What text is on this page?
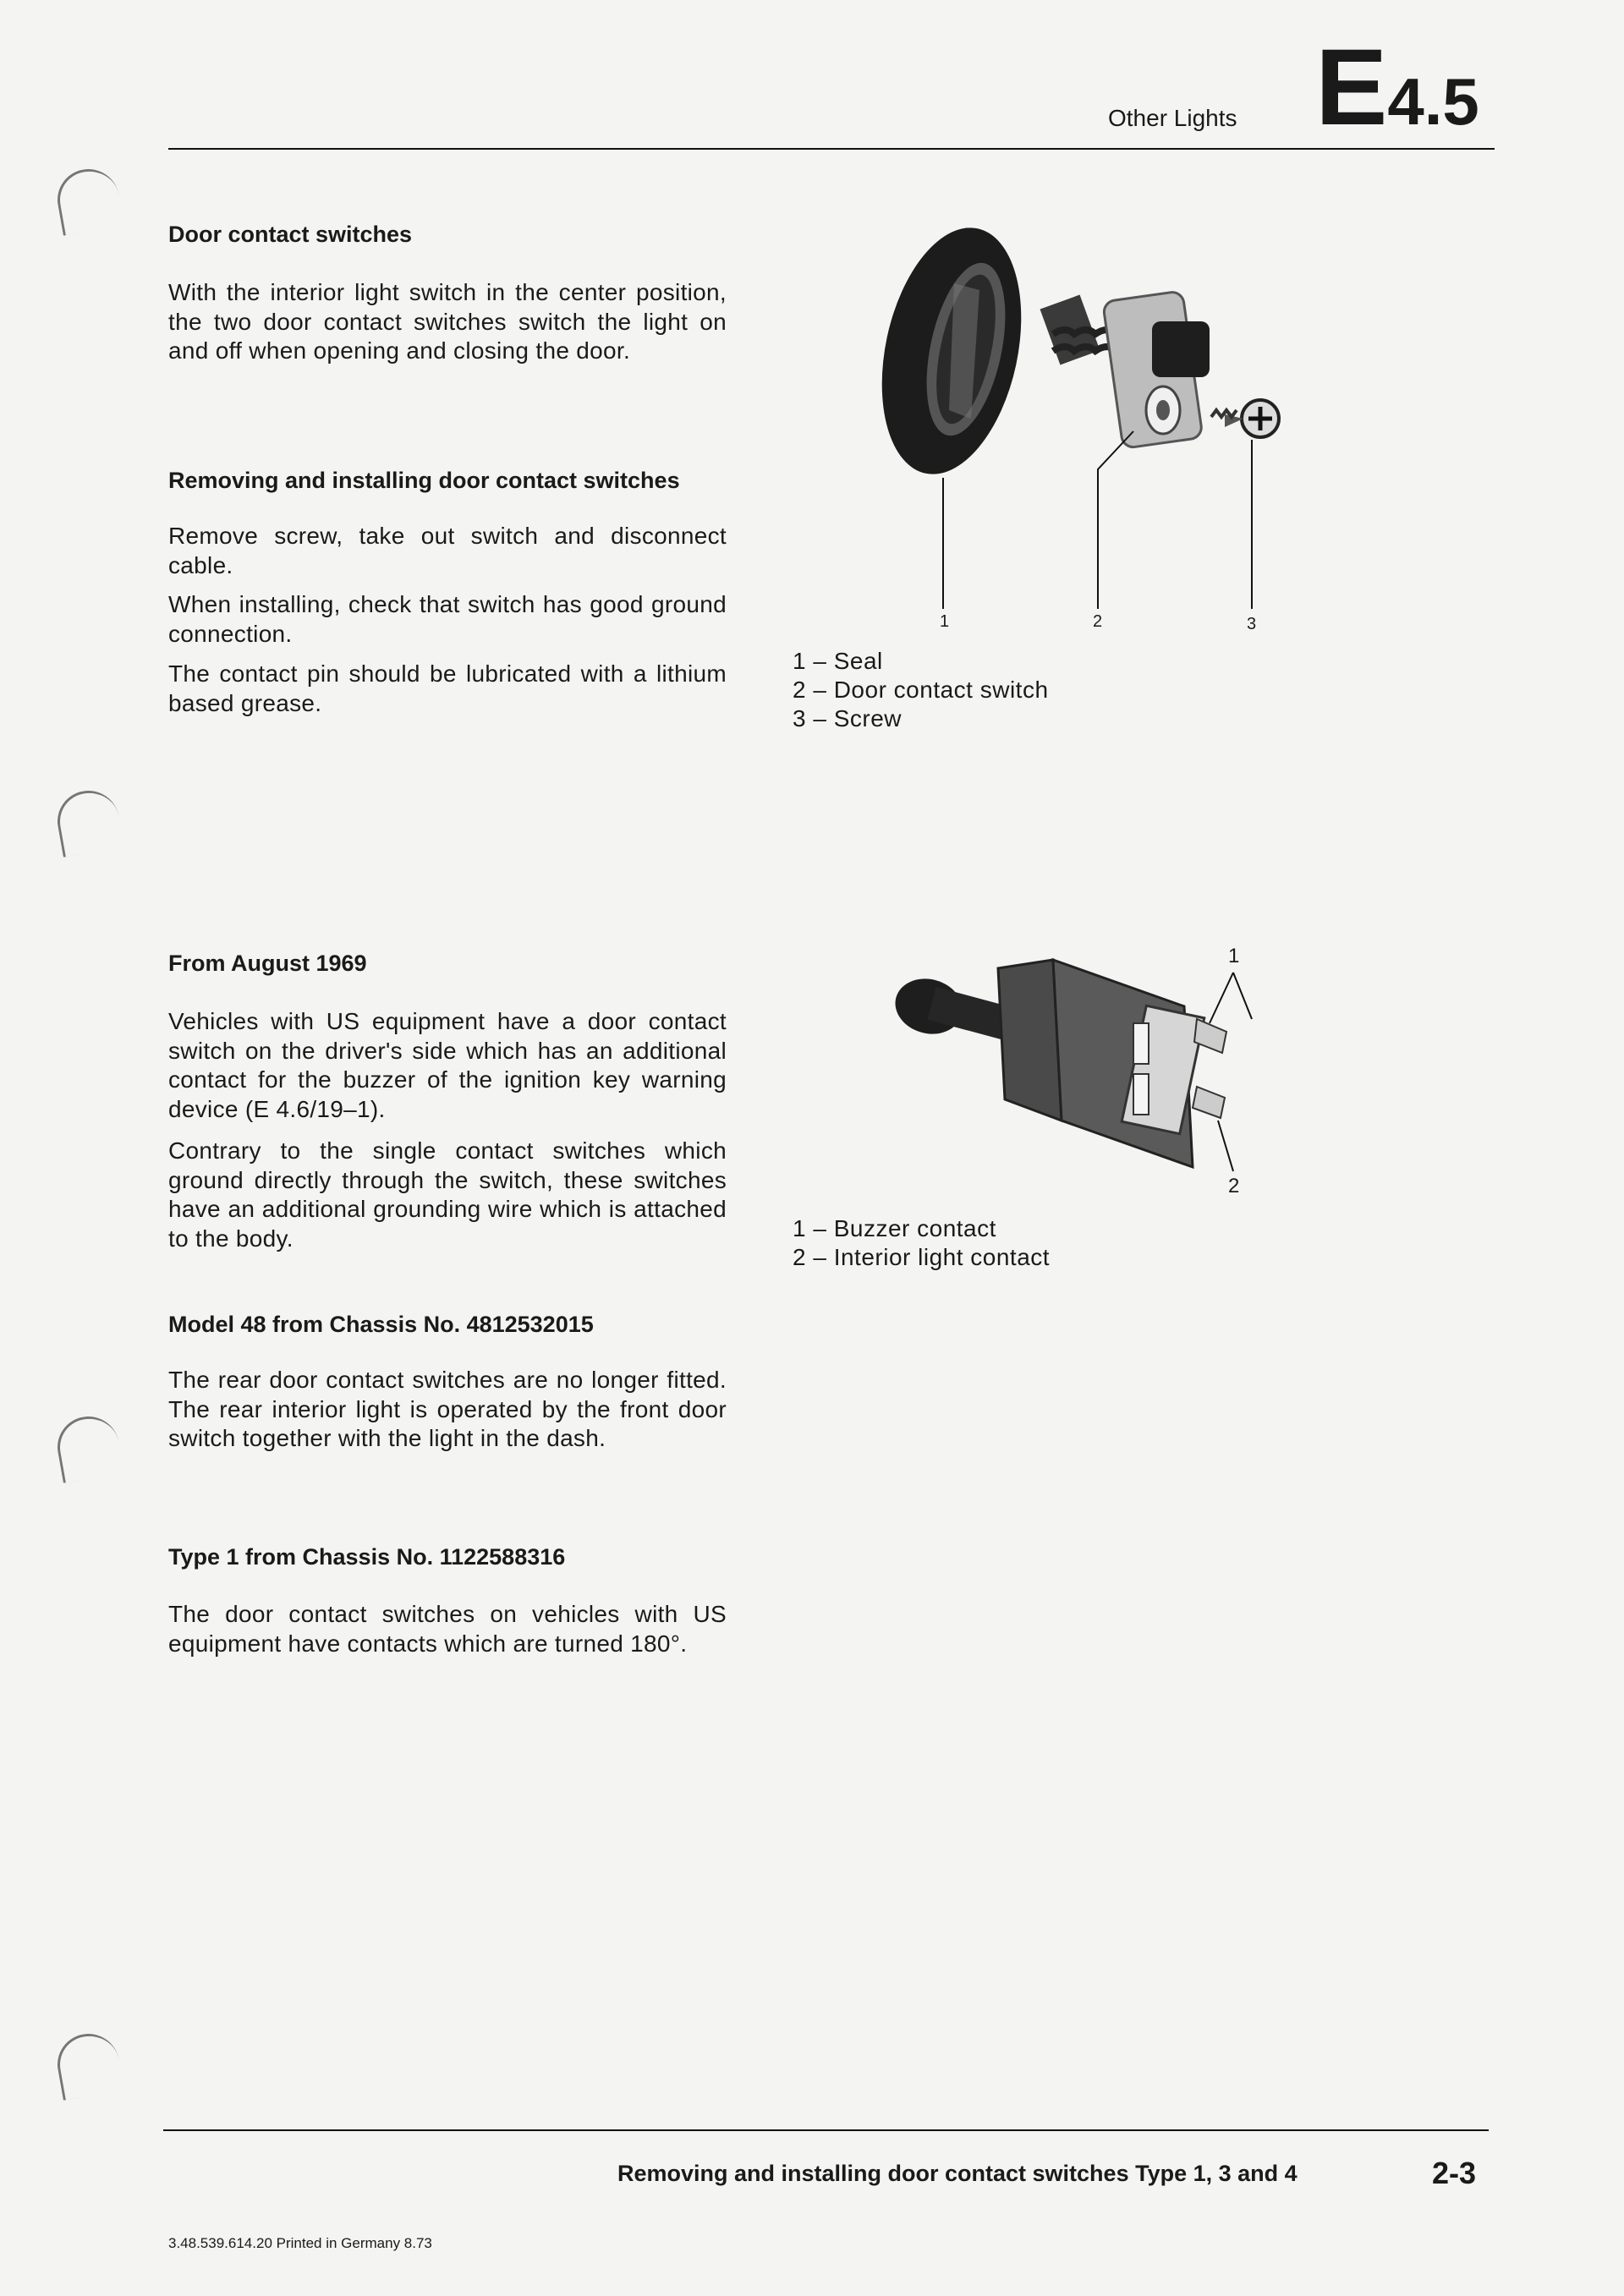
Other Lights E4.5
Door contact switches
With the interior light switch in the center position, the two door contact switches switch the light on and off when opening and closing the door.
Removing and installing door contact switches
Remove screw, take out switch and disconnect cable.
When installing, check that switch has good ground connection.
The contact pin should be lubricated with a lithium based grease.
1	2	3
1 – Seal
2 – Door contact switch
3 – Screw
From August 1969
Vehicles with US equipment have a door contact switch on the driver's side which has an additional contact for the buzzer of the ignition key warning device (E 4.6/19–1).
Contrary to the single contact switches which ground directly through the switch, these switches have an additional grounding wire which is attached to the body.
1
2
1 – Buzzer contact
2 – Interior light contact
Model 48 from Chassis No. 4812532015
The rear door contact switches are no longer fitted. The rear interior light is operated by the front door switch together with the light in the dash.
Type 1 from Chassis No. 1122588316
The door contact switches on vehicles with US equipment have contacts which are turned 180°.
Removing and installing door contact switches Type 1, 3 and 4	2-3
3.48.539.614.20 Printed in Germany 8.73
